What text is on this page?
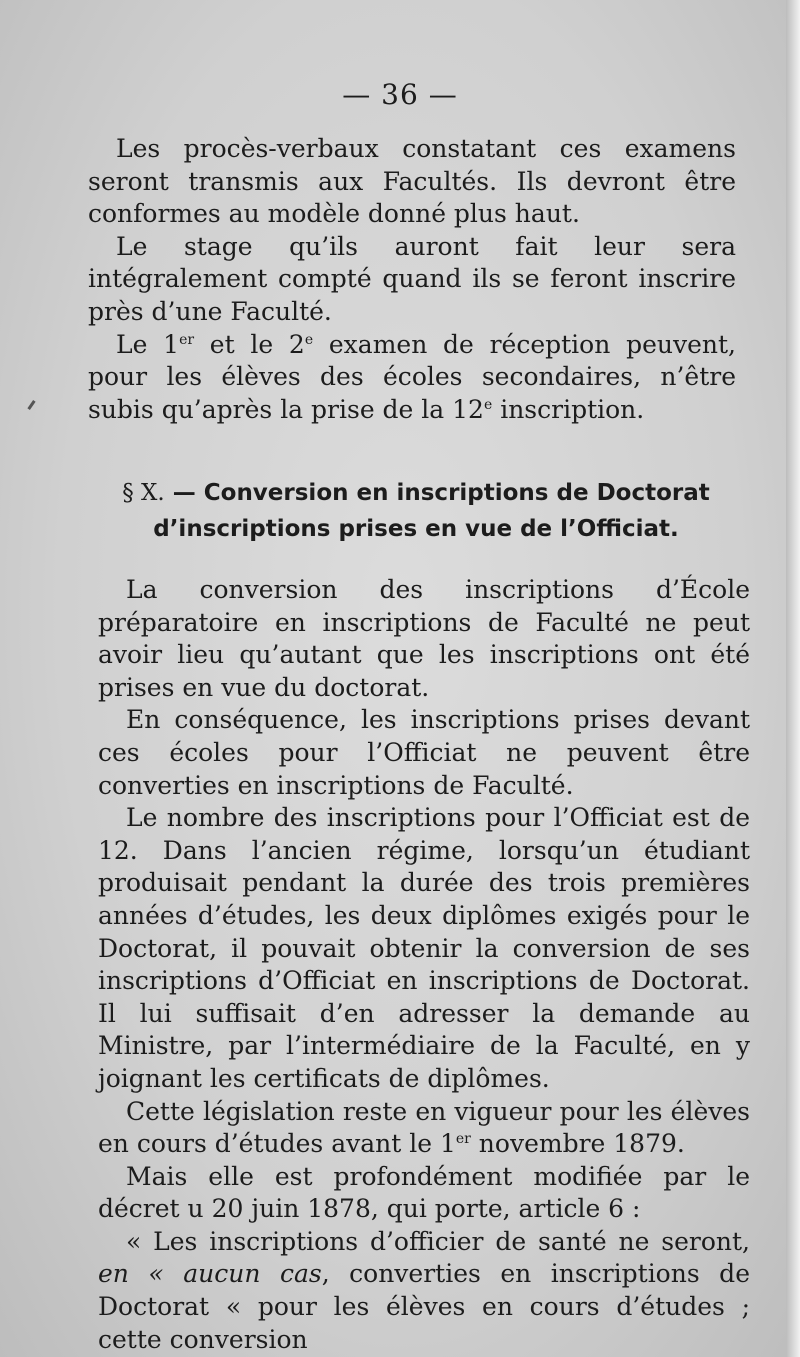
— 36 —

Les procès-verbaux constatant ces examens seront transmis aux Facultés. Ils devront être conformes au modèle donné plus haut.

Le stage qu’ils auront fait leur sera intégralement compté quand ils se feront inscrire près d’une Faculté.

Le 1er et le 2e examen de réception peuvent, pour les élèves des écoles secondaires, n’être subis qu’après la prise de la 12e inscription.

§ X. — Conversion en inscriptions de Doctorat d’inscriptions prises en vue de l’Officiat.

La conversion des inscriptions d’École préparatoire en inscriptions de Faculté ne peut avoir lieu qu’autant que les inscriptions ont été prises en vue du doctorat.

En conséquence, les inscriptions prises devant ces écoles pour l’Officiat ne peuvent être converties en inscriptions de Faculté.

Le nombre des inscriptions pour l’Officiat est de 12. Dans l’ancien régime, lorsqu’un étudiant produisait pendant la durée des trois premières années d’études, les deux diplômes exigés pour le Doctorat, il pouvait obtenir la conversion de ses inscriptions d’Officiat en inscriptions de Doctorat. Il lui suffisait d’en adresser la demande au Ministre, par l’intermédiaire de la Faculté, en y joignant les certificats de diplômes.

Cette législation reste en vigueur pour les élèves en cours d’études avant le 1er novembre 1879.

Mais elle est profondément modifiée par le décret u 20 juin 1878, qui porte, article 6 :

« Les inscriptions d’officier de santé ne seront, en « aucun cas, converties en inscriptions de Doctorat « pour les élèves en cours d’études ; cette conversion
